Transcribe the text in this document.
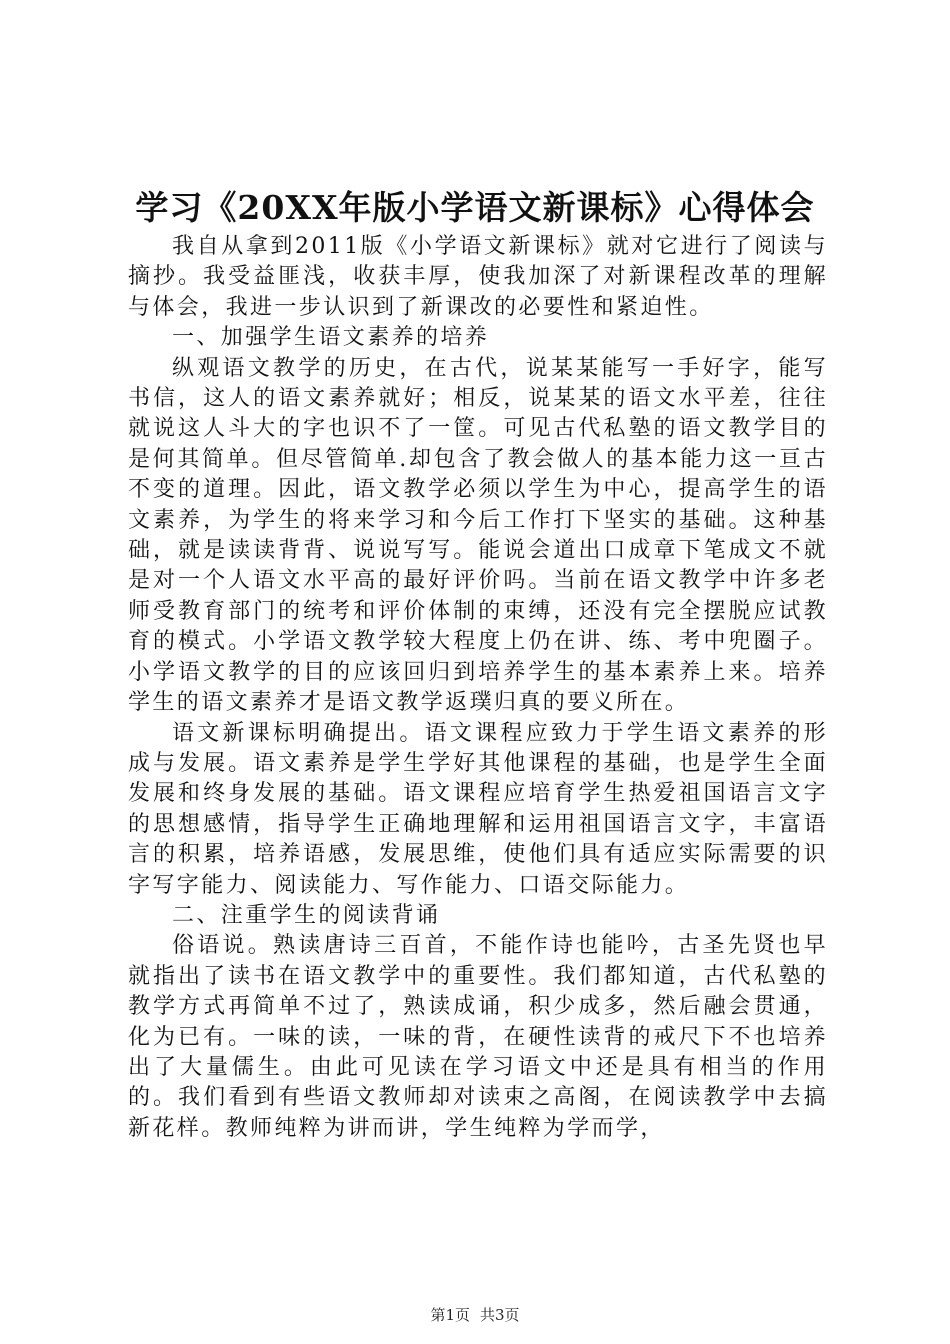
学习《20XX年版小学语文新课标》心得体会

我自从拿到2011版《小学语文新课标》就对它进行了阅读与摘抄。我受益匪浅，收获丰厚，使我加深了对新课程改革的理解与体会，我进一步认识到了新课改的必要性和紧迫性。

一、加强学生语文素养的培养

纵观语文教学的历史，在古代，说某某能写一手好字，能写书信，这人的语文素养就好；相反，说某某的语文水平差，往往就说这人斗大的字也识不了一筐。可见古代私塾的语文教学目的是何其简单。但尽管简单.却包含了教会做人的基本能力这一亘古不变的道理。因此，语文教学必须以学生为中心，提高学生的语文素养，为学生的将来学习和今后工作打下坚实的基础。这种基础，就是读读背背、说说写写。能说会道出口成章下笔成文不就是对一个人语文水平高的最好评价吗。当前在语文教学中许多老师受教育部门的统考和评价体制的束缚，还没有完全摆脱应试教育的模式。小学语文教学较大程度上仍在讲、练、考中兜圈子。小学语文教学的目的应该回归到培养学生的基本素养上来。培养学生的语文素养才是语文教学返璞归真的要义所在。

语文新课标明确提出。语文课程应致力于学生语文素养的形成与发展。语文素养是学生学好其他课程的基础，也是学生全面发展和终身发展的基础。语文课程应培育学生热爱祖国语言文字的思想感情，指导学生正确地理解和运用祖国语言文字，丰富语言的积累，培养语感，发展思维，使他们具有适应实际需要的识字写字能力、阅读能力、写作能力、口语交际能力。

二、注重学生的阅读背诵

俗语说。熟读唐诗三百首，不能作诗也能吟，古圣先贤也早就指出了读书在语文教学中的重要性。我们都知道，古代私塾的教学方式再简单不过了，熟读成诵，积少成多，然后融会贯通，化为已有。一味的读，一味的背，在硬性读背的戒尺下不也培养出了大量儒生。由此可见读在学习语文中还是具有相当的作用的。我们看到有些语文教师却对读束之高阁，在阅读教学中去搞新花样。教师纯粹为讲而讲，学生纯粹为学而学，

第1页 共3页
